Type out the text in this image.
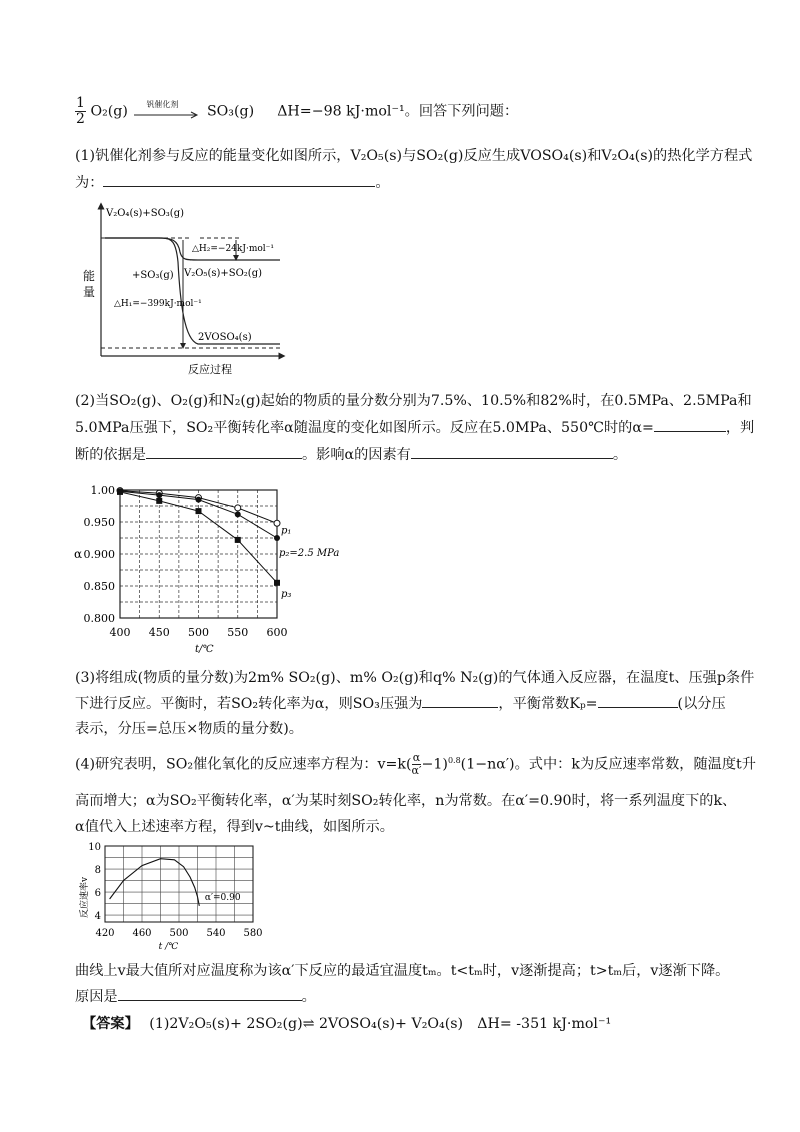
$\frac{1}{2} O_2(g)$ 钒催化剂 SO₃(g) ΔH=−98 kJ·mol⁻¹。回答下列问题：
(1)钒催化剂参与反应的能量变化如图所示，V₂O₅(s)与SO₂(g)反应生成VOSO₄(s)和V₂O₄(s)的热化学方程式
为：	。
V₂O₄(s)+SO₃(g)
△H₂=−24kJ·mol⁻¹
+SO₃(g) V₂O₅(s)+SO₂(g)
△H₁=−399kJ·mol⁻¹
2VOSO₄(s)
能
量
反应过程
(2)当SO₂(g)、O₂(g)和N₂(g)起始的物质的量分数分别为7.5%、10.5%和82%时，在0.5MPa、2.5MPa和
5.0MPa压强下，SO₂平衡转化率α随温度的变化如图所示。反应在5.0MPa、550℃时的α=	，判
断的依据是	。影响α的因素有	。
400 450 500 550 600
1.00
0.950
0.900
0.850
0.800
t/℃
α
p₁
p₂=2.5 MPa
p₃
(3)将组成(物质的量分数)为2m% SO₂(g)、m% O₂(g)和q% N₂(g)的气体通入反应器，在温度t、压强p条件
下进行反应。平衡时，若SO₂转化率为α，则SO₃压强为	，平衡常数Kₚ=	(以分压
表示，分压=总压×物质的量分数)。
(4)研究表明，SO₂催化氧化的反应速率方程为：$v=k( \frac{\alpha}{\alpha'} -1)^{0.8}(1-n\alpha')$。式中：k为反应速率常数，随温度t升
高而增大；α为SO₂平衡转化率，α′为某时刻SO₂转化率，n为常数。在α′=0.90时，将一系列温度下的k、
α值代入上述速率方程，得到v~t曲线，如图所示。
420 460 500 540 580
10
8
6
4
t /℃
反应速率v	α′=0.90
曲线上v最大值所对应温度称为该α′下反应的最适宜温度tₘ。t<tₘ时，v逐渐提高；t>tₘ后，v逐渐下降。
原因是	。
【答案】 (1)2V₂O₅(s)+ 2SO₂(g)⇌ 2VOSO₄(s)+ V₂O₄(s)　ΔH= -351 kJ·mol⁻¹
